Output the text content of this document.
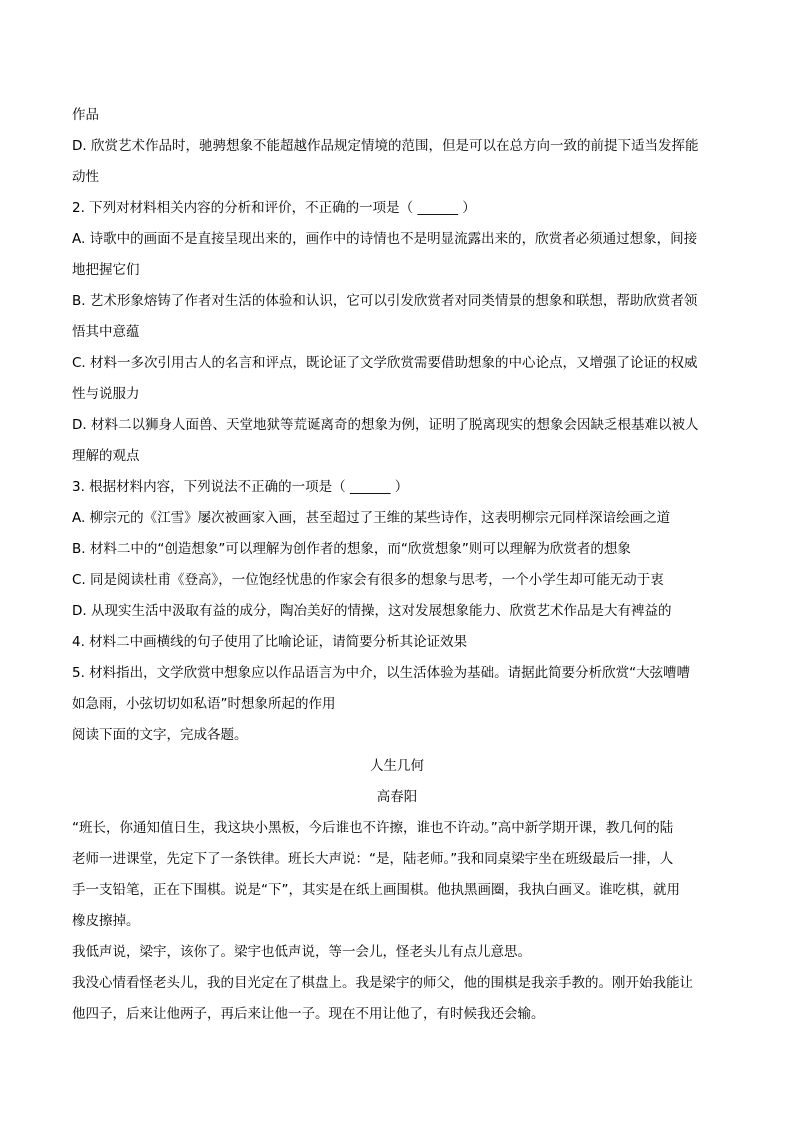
作品
D. 欣赏艺术作品时，驰骋想象不能超越作品规定情境的范围，但是可以在总方向一致的前提下适当发挥能
动性
2. 下列对材料相关内容的分析和评价，不正确的一项是（ ______ ）
A. 诗歌中的画面不是直接呈现出来的，画作中的诗情也不是明显流露出来的，欣赏者必须通过想象，间接
地把握它们
B. 艺术形象熔铸了作者对生活的体验和认识，它可以引发欣赏者对同类情景的想象和联想，帮助欣赏者领
悟其中意蕴
C. 材料一多次引用古人的名言和评点，既论证了文学欣赏需要借助想象的中心论点，又增强了论证的权威
性与说服力
D. 材料二以狮身人面兽、天堂地狱等荒诞离奇的想象为例，证明了脱离现实的想象会因缺乏根基难以被人
理解的观点
3. 根据材料内容，下列说法不正确的一项是（ ______ ）
A. 柳宗元的《江雪》屡次被画家入画，甚至超过了王维的某些诗作，这表明柳宗元同样深谙绘画之道
B. 材料二中的“创造想象”可以理解为创作者的想象，而“欣赏想象”则可以理解为欣赏者的想象
C. 同是阅读杜甫《登高》，一位饱经忧患的作家会有很多的想象与思考，一个小学生却可能无动于衷
D. 从现实生活中汲取有益的成分，陶冶美好的情操，这对发展想象能力、欣赏艺术作品是大有裨益的
4. 材料二中画横线的句子使用了比喻论证，请简要分析其论证效果
5. 材料指出，文学欣赏中想象应以作品语言为中介，以生活体验为基础。请据此简要分析欣赏“大弦嘈嘈
如急雨，小弦切切如私语”时想象所起的作用
阅读下面的文字，完成各题。
人生几何
高春阳
“班长，你通知值日生，我这块小黑板，今后谁也不许擦，谁也不许动。”高中新学期开课，教几何的陆
老师一进课堂，先定下了一条铁律。班长大声说：“是，陆老师。”我和同桌梁宇坐在班级最后一排，人
手一支铅笔，正在下围棋。说是“下”，其实是在纸上画围棋。他执黑画圈，我执白画叉。谁吃棋，就用
橡皮擦掉。
我低声说，梁宇，该你了。梁宇也低声说，等一会儿，怪老头儿有点儿意思。
我没心情看怪老头儿，我的目光定在了棋盘上。我是梁宇的师父，他的围棋是我亲手教的。刚开始我能让
他四子，后来让他两子，再后来让他一子。现在不用让他了，有时候我还会输。
